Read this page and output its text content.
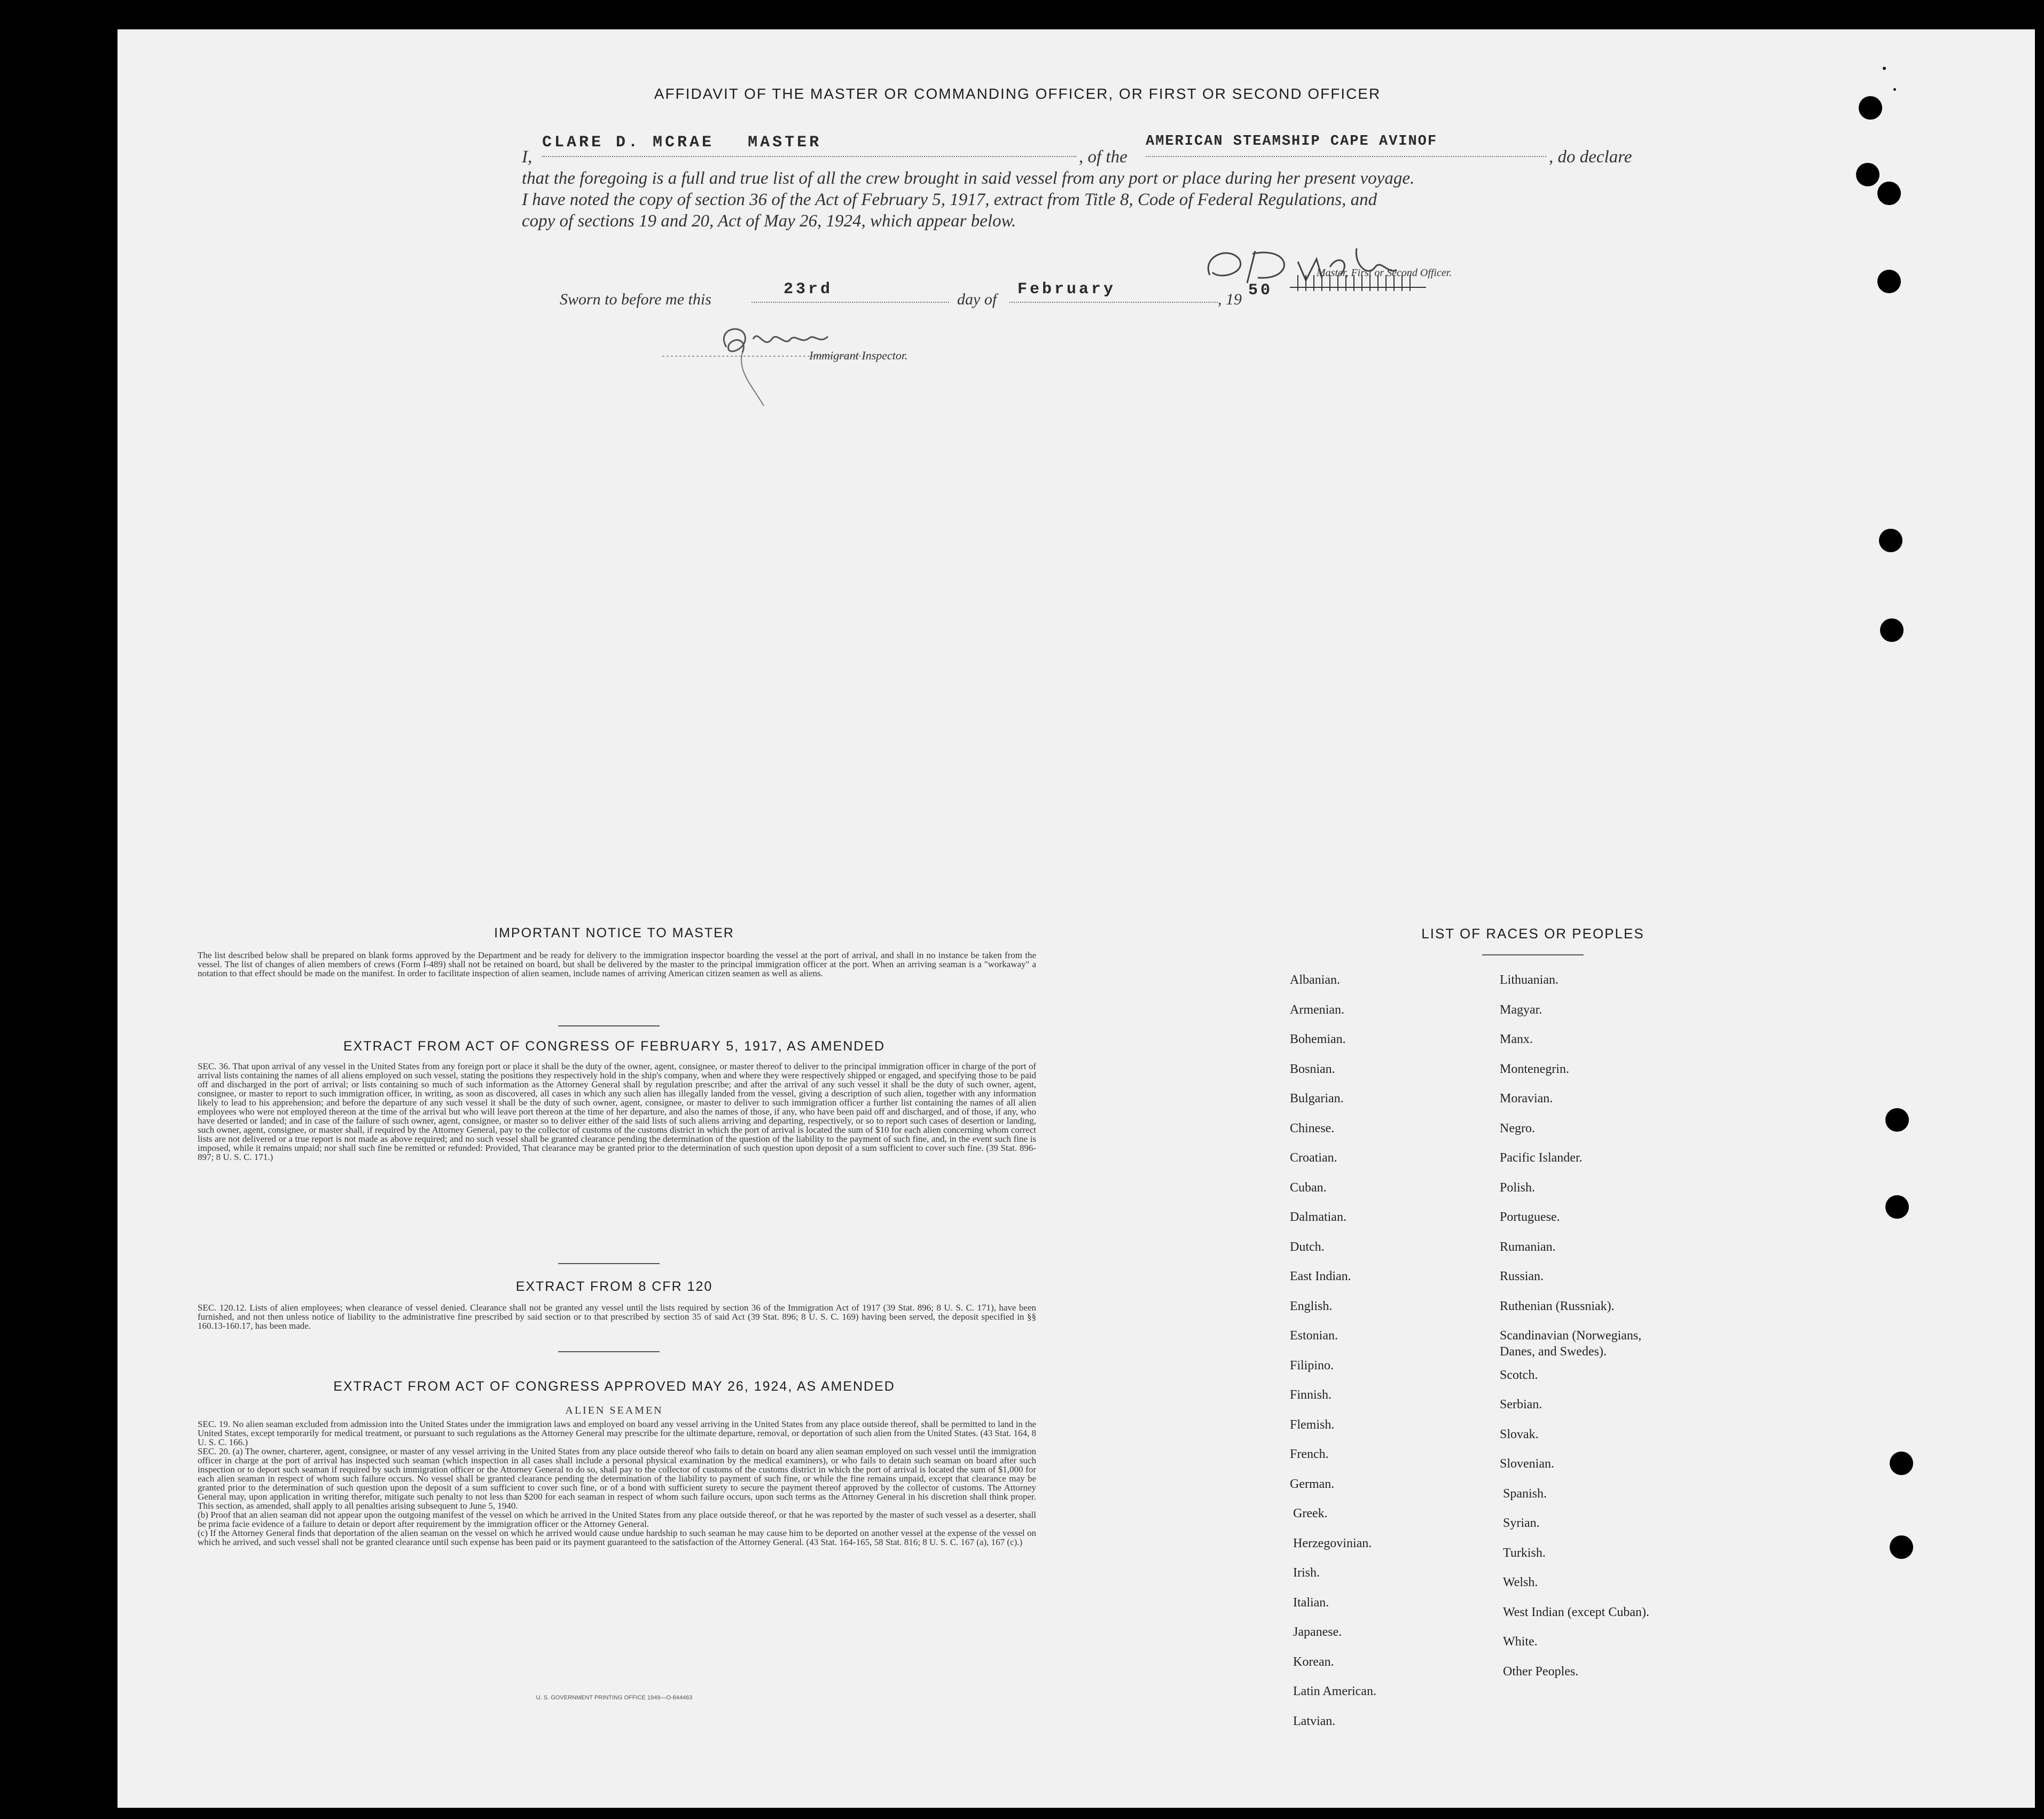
AFFIDAVIT OF THE MASTER OR COMMANDING OFFICER, OR FIRST OR SECOND OFFICER
I,
CLARE D. MCRAE MASTER
, of the
AMERICAN STEAMSHIP CAPE AVINOF
, do declare
that the foregoing is a full and true list of all the crew brought in said vessel from any port or place during her present voyage.
I have noted the copy of section 36 of the Act of February 5, 1917, extract from Title 8, Code of Federal Regulations, and
copy of sections 19 and 20, Act of May 26, 1924, which appear below.
Master, First or Second Officer.
Sworn to before me this
23rd
day of
February
, 19 50
Immigrant Inspector.
IMPORTANT NOTICE TO MASTER
The list described below shall be prepared on blank forms approved by the Department and be ready for delivery to the immigration inspector boarding the vessel at the port of arrival, and shall in no instance be taken from the vessel. The list of changes of alien members of crews (Form I-489) shall not be retained on board, but shall be delivered by the master to the principal immigration officer at the port. When an arriving seaman is a "workaway" a notation to that effect should be made on the manifest. In order to facilitate inspection of alien seamen, include names of arriving American citizen seamen as well as aliens.
EXTRACT FROM ACT OF CONGRESS OF FEBRUARY 5, 1917, AS AMENDED
SEC. 36. That upon arrival of any vessel in the United States from any foreign port or place it shall be the duty of the owner, agent, consignee, or master thereof to deliver to the principal immigration officer in charge of the port of arrival lists containing the names of all aliens employed on such vessel, stating the positions they respectively hold in the ship's company, when and where they were respectively shipped or engaged, and specifying those to be paid off and discharged in the port of arrival; or lists containing so much of such information as the Attorney General shall by regulation prescribe; and after the arrival of any such vessel it shall be the duty of such owner, agent, consignee, or master to report to such immigration officer, in writing, as soon as discovered, all cases in which any such alien has illegally landed from the vessel, giving a description of such alien, together with any information likely to lead to his apprehension; and before the departure of any such vessel it shall be the duty of such owner, agent, consignee, or master to deliver to such immigration officer a further list containing the names of all alien employees who were not employed thereon at the time of the arrival but who will leave port thereon at the time of her departure, and also the names of those, if any, who have been paid off and discharged, and of those, if any, who have deserted or landed; and in case of the failure of such owner, agent, consignee, or master so to deliver either of the said lists of such aliens arriving and departing, respectively, or so to report such cases of desertion or landing, such owner, agent, consignee, or master shall, if required by the Attorney General, pay to the collector of customs of the customs district in which the port of arrival is located the sum of $10 for each alien concerning whom correct lists are not delivered or a true report is not made as above required; and no such vessel shall be granted clearance pending the determination of the question of the liability to the payment of such fine, and, in the event such fine is imposed, while it remains unpaid; nor shall such fine be remitted or refunded: Provided, That clearance may be granted prior to the determination of such question upon deposit of a sum sufficient to cover such fine. (39 Stat. 896-897; 8 U. S. C. 171.)
EXTRACT FROM 8 CFR 120
SEC. 120.12. Lists of alien employees; when clearance of vessel denied. Clearance shall not be granted any vessel until the lists required by section 36 of the Immigration Act of 1917 (39 Stat. 896; 8 U. S. C. 171), have been furnished, and not then unless notice of liability to the administrative fine prescribed by said section or to that prescribed by section 35 of said Act (39 Stat. 896; 8 U. S. C. 169) having been served, the deposit specified in §§ 160.13-160.17, has been made.
EXTRACT FROM ACT OF CONGRESS APPROVED MAY 26, 1924, AS AMENDED
ALIEN SEAMEN
SEC. 19. No alien seaman excluded from admission into the United States under the immigration laws and employed on board any vessel arriving in the United States from any place outside thereof, shall be permitted to land in the United States, except temporarily for medical treatment, or pursuant to such regulations as the Attorney General may prescribe for the ultimate departure, removal, or deportation of such alien from the United States. (43 Stat. 164, 8 U. S. C. 166.)
SEC. 20. (a) The owner, charterer, agent, consignee, or master of any vessel arriving in the United States from any place outside thereof who fails to detain on board any alien seaman employed on such vessel until the immigration officer in charge at the port of arrival has inspected such seaman (which inspection in all cases shall include a personal physical examination by the medical examiners), or who fails to detain such seaman on board after such inspection or to deport such seaman if required by such immigration officer or the Attorney General to do so, shall pay to the collector of customs of the customs district in which the port of arrival is located the sum of $1,000 for each alien seaman in respect of whom such failure occurs. No vessel shall be granted clearance pending the determination of the liability to payment of such fine, or while the fine remains unpaid, except that clearance may be granted prior to the determination of such question upon the deposit of a sum sufficient to cover such fine, or of a bond with sufficient surety to secure the payment thereof approved by the collector of customs. The Attorney General may, upon application in writing therefor, mitigate such penalty to not less than $200 for each seaman in respect of whom such failure occurs, upon such terms as the Attorney General in his discretion shall think proper. This section, as amended, shall apply to all penalties arising subsequent to June 5, 1940.
(b) Proof that an alien seaman did not appear upon the outgoing manifest of the vessel on which he arrived in the United States from any place outside thereof, or that he was reported by the master of such vessel as a deserter, shall be prima facie evidence of a failure to detain or deport after requirement by the immigration officer or the Attorney General.
(c) If the Attorney General finds that deportation of the alien seaman on the vessel on which he arrived would cause undue hardship to such seaman he may cause him to be deported on another vessel at the expense of the vessel on which he arrived, and such vessel shall not be granted clearance until such expense has been paid or its payment guaranteed to the satisfaction of the Attorney General. (43 Stat. 164-165, 58 Stat. 816; 8 U. S. C. 167 (a), 167 (c).)
U. S. GOVERNMENT PRINTING OFFICE 1949—O-844463
LIST OF RACES OR PEOPLES
Albanian.
Armenian.
Bohemian.
Bosnian.
Bulgarian.
Chinese.
Croatian.
Cuban.
Dalmatian.
Dutch.
East Indian.
English.
Estonian.
Filipino.
Finnish.
Flemish.
French.
German.
Greek.
Herzegovinian.
Irish.
Italian.
Japanese.
Korean.
Latin American.
Latvian.
Lithuanian.
Magyar.
Manx.
Montenegrin.
Moravian.
Negro.
Pacific Islander.
Polish.
Portuguese.
Rumanian.
Russian.
Ruthenian (Russniak).
Scandinavian (Norwegians,
Danes, and Swedes).
Scotch.
Serbian.
Slovak.
Slovenian.
Spanish.
Syrian.
Turkish.
Welsh.
West Indian (except Cuban).
White.
Other Peoples.
